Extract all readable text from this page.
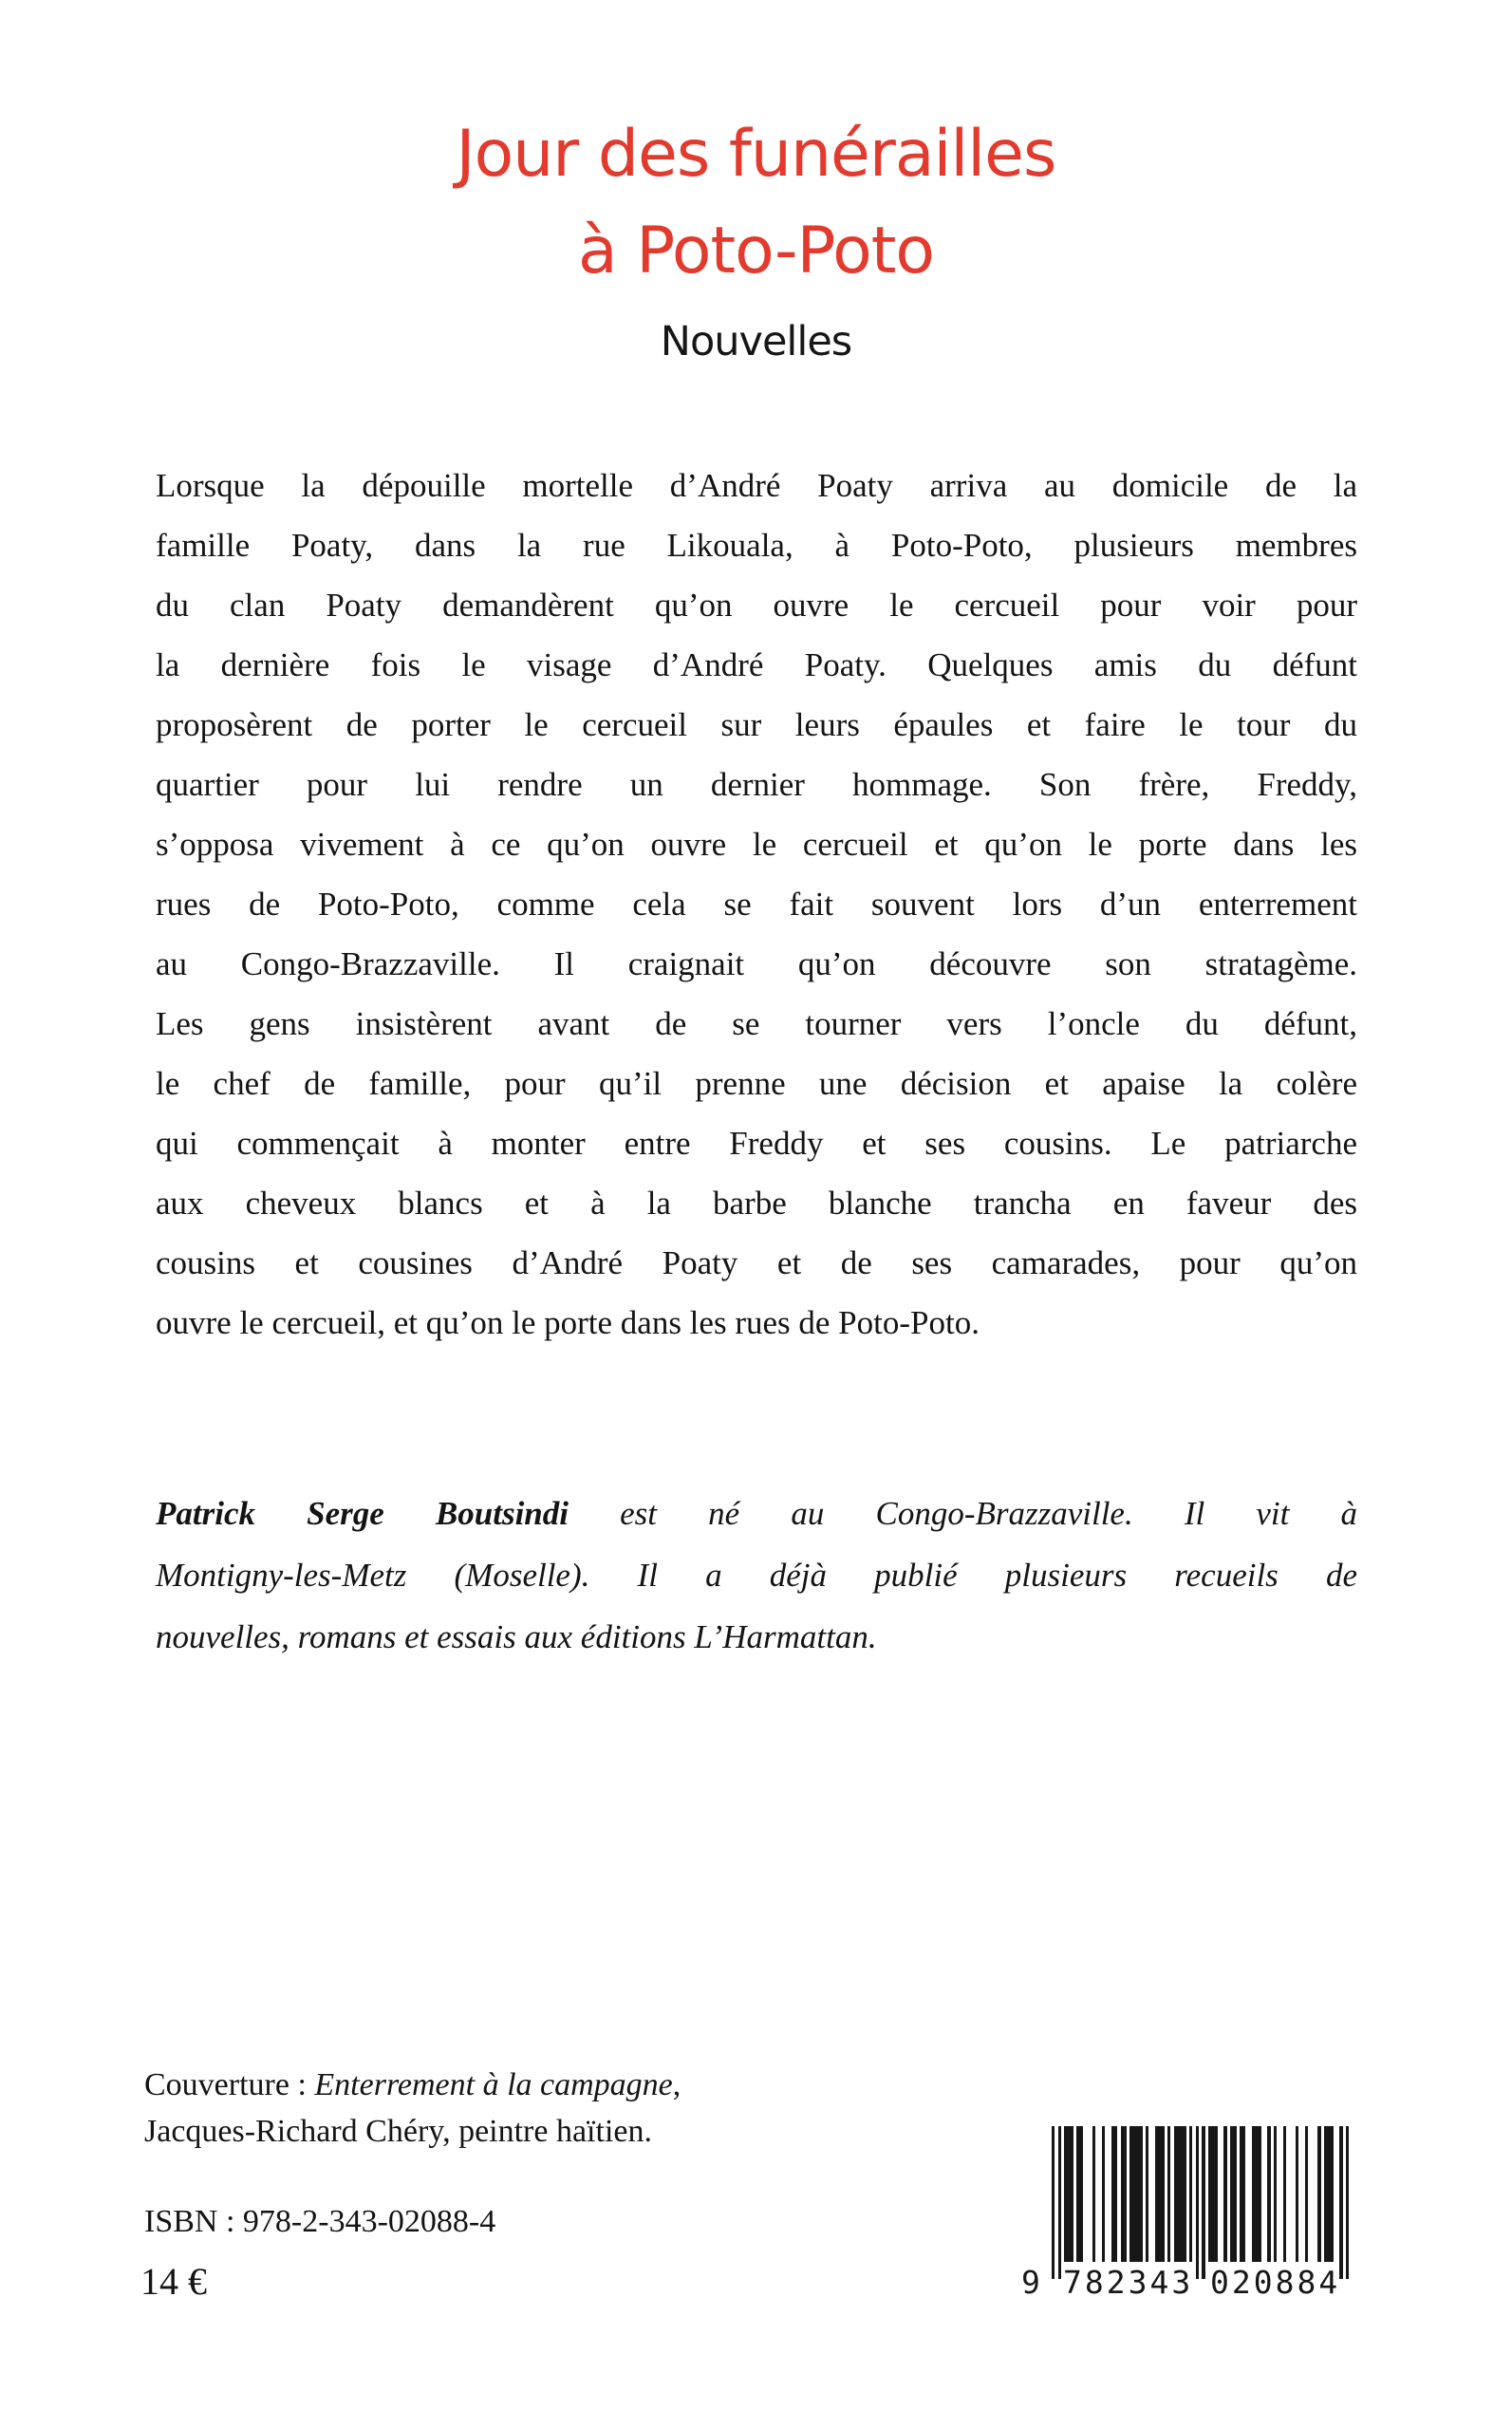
Jour des funérailles
à Poto-Poto
Nouvelles
Lorsque la dépouille mortelle d’André Poaty arriva au domicile de la
famille Poaty, dans la rue Likouala, à Poto-Poto, plusieurs membres
du clan Poaty demandèrent qu’on ouvre le cercueil pour voir pour
la dernière fois le visage d’André Poaty. Quelques amis du défunt
proposèrent de porter le cercueil sur leurs épaules et faire le tour du
quartier pour lui rendre un dernier hommage. Son frère, Freddy,
s’opposa vivement à ce qu’on ouvre le cercueil et qu’on le porte dans les
rues de Poto-Poto, comme cela se fait souvent lors d’un enterrement
au Congo-Brazzaville. Il craignait qu’on découvre son stratagème.
Les gens insistèrent avant de se tourner vers l’oncle du défunt,
le chef de famille, pour qu’il prenne une décision et apaise la colère
qui commençait à monter entre Freddy et ses cousins. Le patriarche
aux cheveux blancs et à la barbe blanche trancha en faveur des
cousins et cousines d’André Poaty et de ses camarades, pour qu’on
ouvre le cercueil, et qu’on le porte dans les rues de Poto-Poto.
Patrick Serge Boutsindi est né au Congo-Brazzaville. Il vit à
Montigny-les-Metz (Moselle). Il a déjà publié plusieurs recueils de
nouvelles, romans et essais aux éditions L’Harmattan.
Couverture : Enterrement à la campagne,
Jacques-Richard Chéry, peintre haïtien.
ISBN : 978-2-343-02088-4
14 €	9 782343 020884
